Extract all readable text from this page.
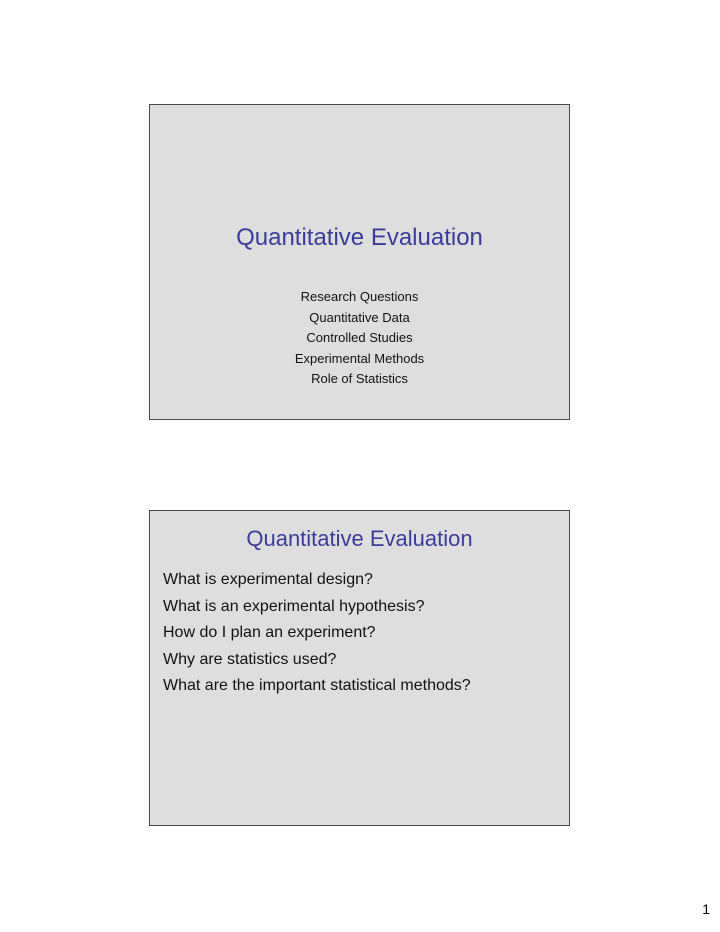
Quantitative Evaluation
Research Questions
Quantitative Data
Controlled Studies
Experimental Methods
Role of Statistics
Quantitative Evaluation
What is experimental design?
What is an experimental hypothesis?
How do I plan an experiment?
Why are statistics used?
What are the important statistical methods?
1
